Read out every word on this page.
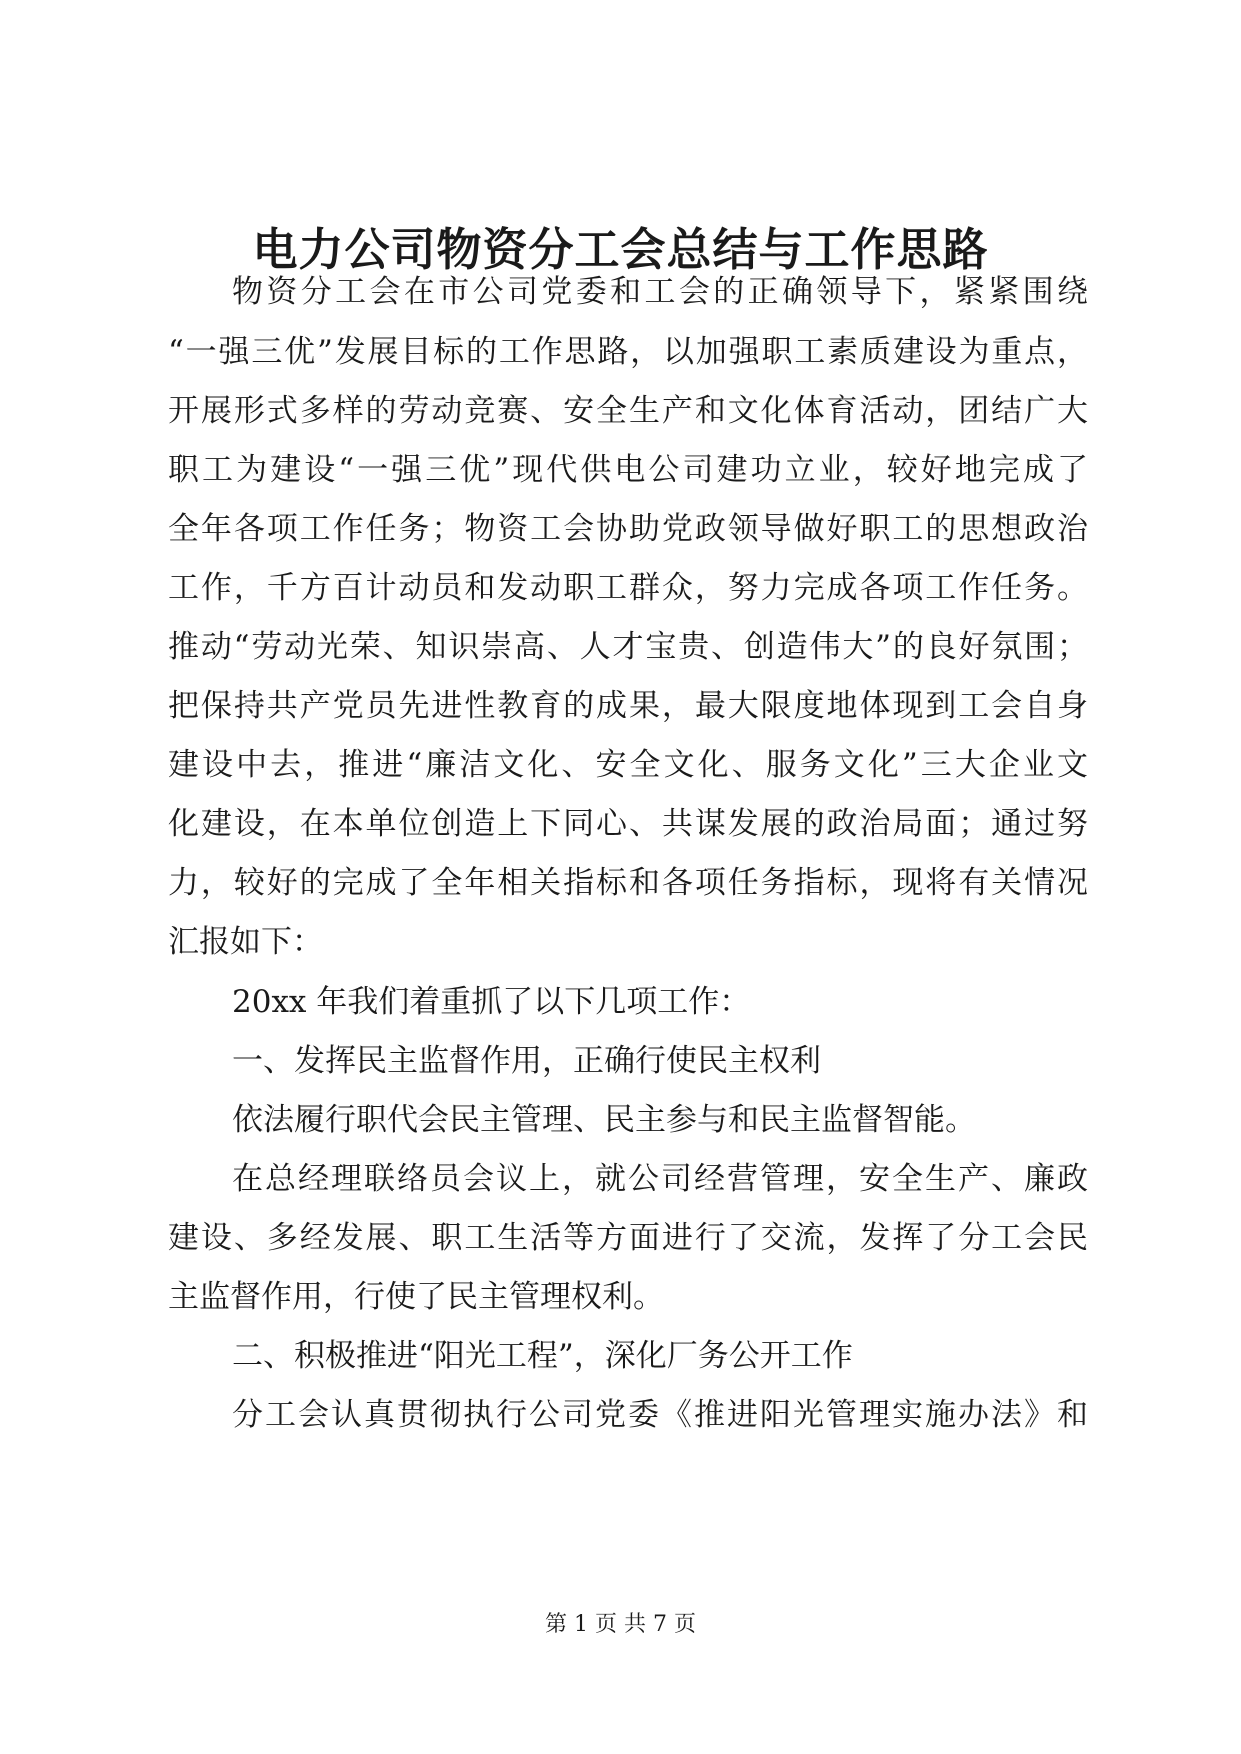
电力公司物资分工会总结与工作思路
物资分工会在市公司党委和工会的正确领导下，紧紧围绕
“一强三优”发展目标的工作思路，以加强职工素质建设为重点，
开展形式多样的劳动竞赛、安全生产和文化体育活动，团结广大
职工为建设“一强三优”现代供电公司建功立业，较好地完成了
全年各项工作任务；物资工会协助党政领导做好职工的思想政治
工作，千方百计动员和发动职工群众，努力完成各项工作任务。
推动“劳动光荣、知识崇高、人才宝贵、创造伟大”的良好氛围；
把保持共产党员先进性教育的成果，最大限度地体现到工会自身
建设中去，推进“廉洁文化、安全文化、服务文化”三大企业文
化建设，在本单位创造上下同心、共谋发展的政治局面；通过努
力，较好的完成了全年相关指标和各项任务指标，现将有关情况
汇报如下：
20xx 年我们着重抓了以下几项工作：
一、发挥民主监督作用，正确行使民主权利
依法履行职代会民主管理、民主参与和民主监督智能。
在总经理联络员会议上，就公司经营管理，安全生产、廉政
建设、多经发展、职工生活等方面进行了交流，发挥了分工会民
主监督作用，行使了民主管理权利。
二、积极推进“阳光工程”，深化厂务公开工作
分工会认真贯彻执行公司党委《推进阳光管理实施办法》和
第 1 页 共 7 页
